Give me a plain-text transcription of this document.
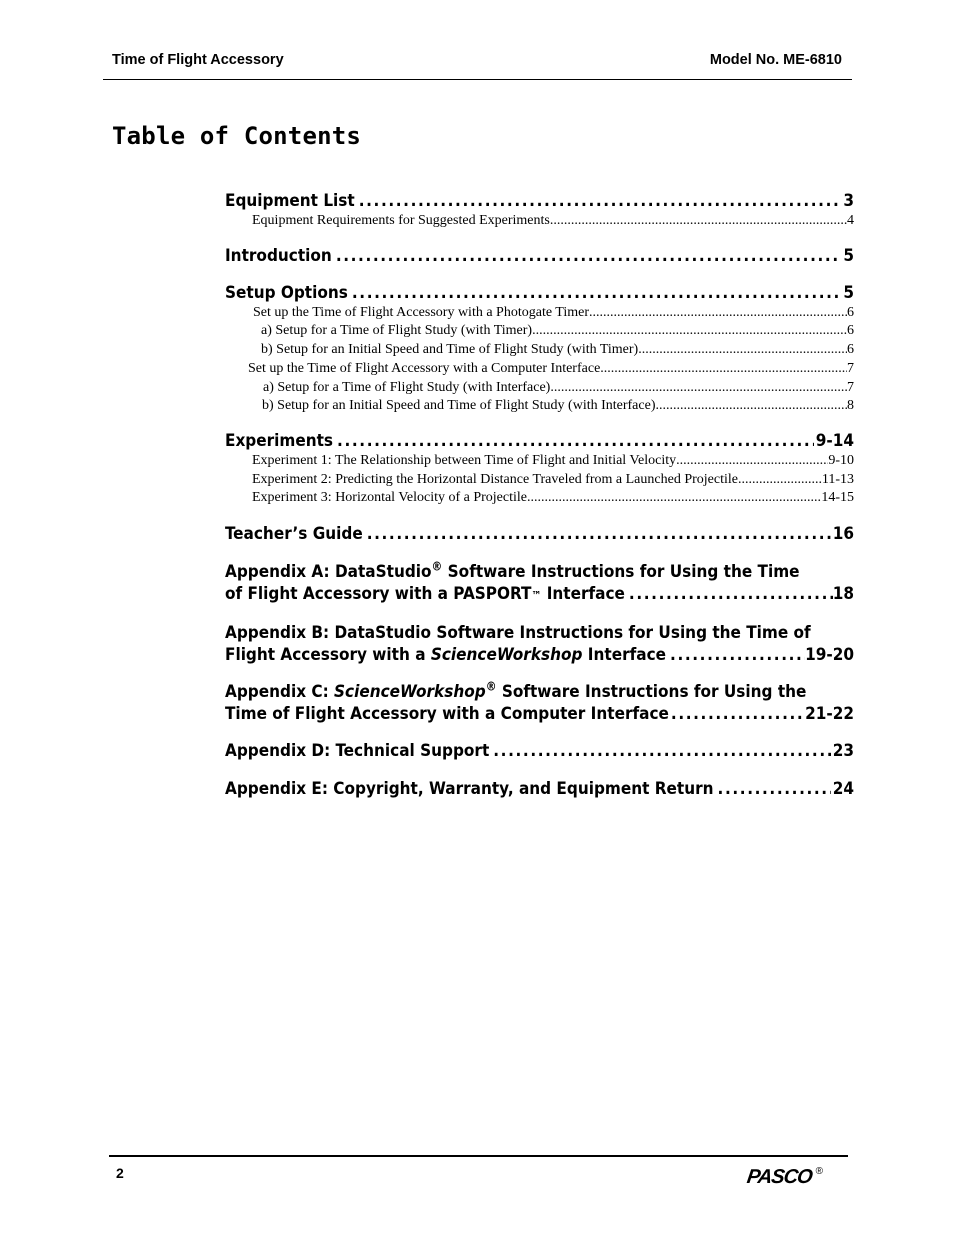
Time of Flight Accessory	Model No. ME-6810
Table of Contents
Equipment List .....	3
Equipment Requirements for Suggested Experiments .....	4
Introduction .....	5
Setup Options .....	5
Set up the Time of Flight Accessory with a Photogate Timer .....	6
a) Setup for a Time of Flight Study (with Timer) .....	6
b) Setup for an Initial Speed and Time of Flight Study (with Timer) .....	6
Set up the Time of Flight Accessory with a Computer Interface .....	7
a) Setup for a Time of Flight Study (with Interface) .....	7
b) Setup for an Initial Speed and Time of Flight Study (with Interface) .....	8
Experiments .....	9-14
Experiment 1: The Relationship between Time of Flight and Initial Velocity .....	9-10
Experiment 2: Predicting the Horizontal Distance Traveled from a Launched Projectile .....	11-13
Experiment 3: Horizontal Velocity of a Projectile .....	14-15
Teacher’s Guide .....	16
Appendix A: DataStudio® Software Instructions for Using the Time
of Flight Accessory with a PASPORT™ Interface .....	18
Appendix B: DataStudio Software Instructions for Using the Time of
Flight Accessory with a ScienceWorkshop Interface .....	19-20
Appendix C: ScienceWorkshop® Software Instructions for Using the
Time of Flight Accessory with a Computer Interface .....	21-22
Appendix D: Technical Support .....	23
Appendix E: Copyright, Warranty, and Equipment Return .....	24
2	PASCO ®
